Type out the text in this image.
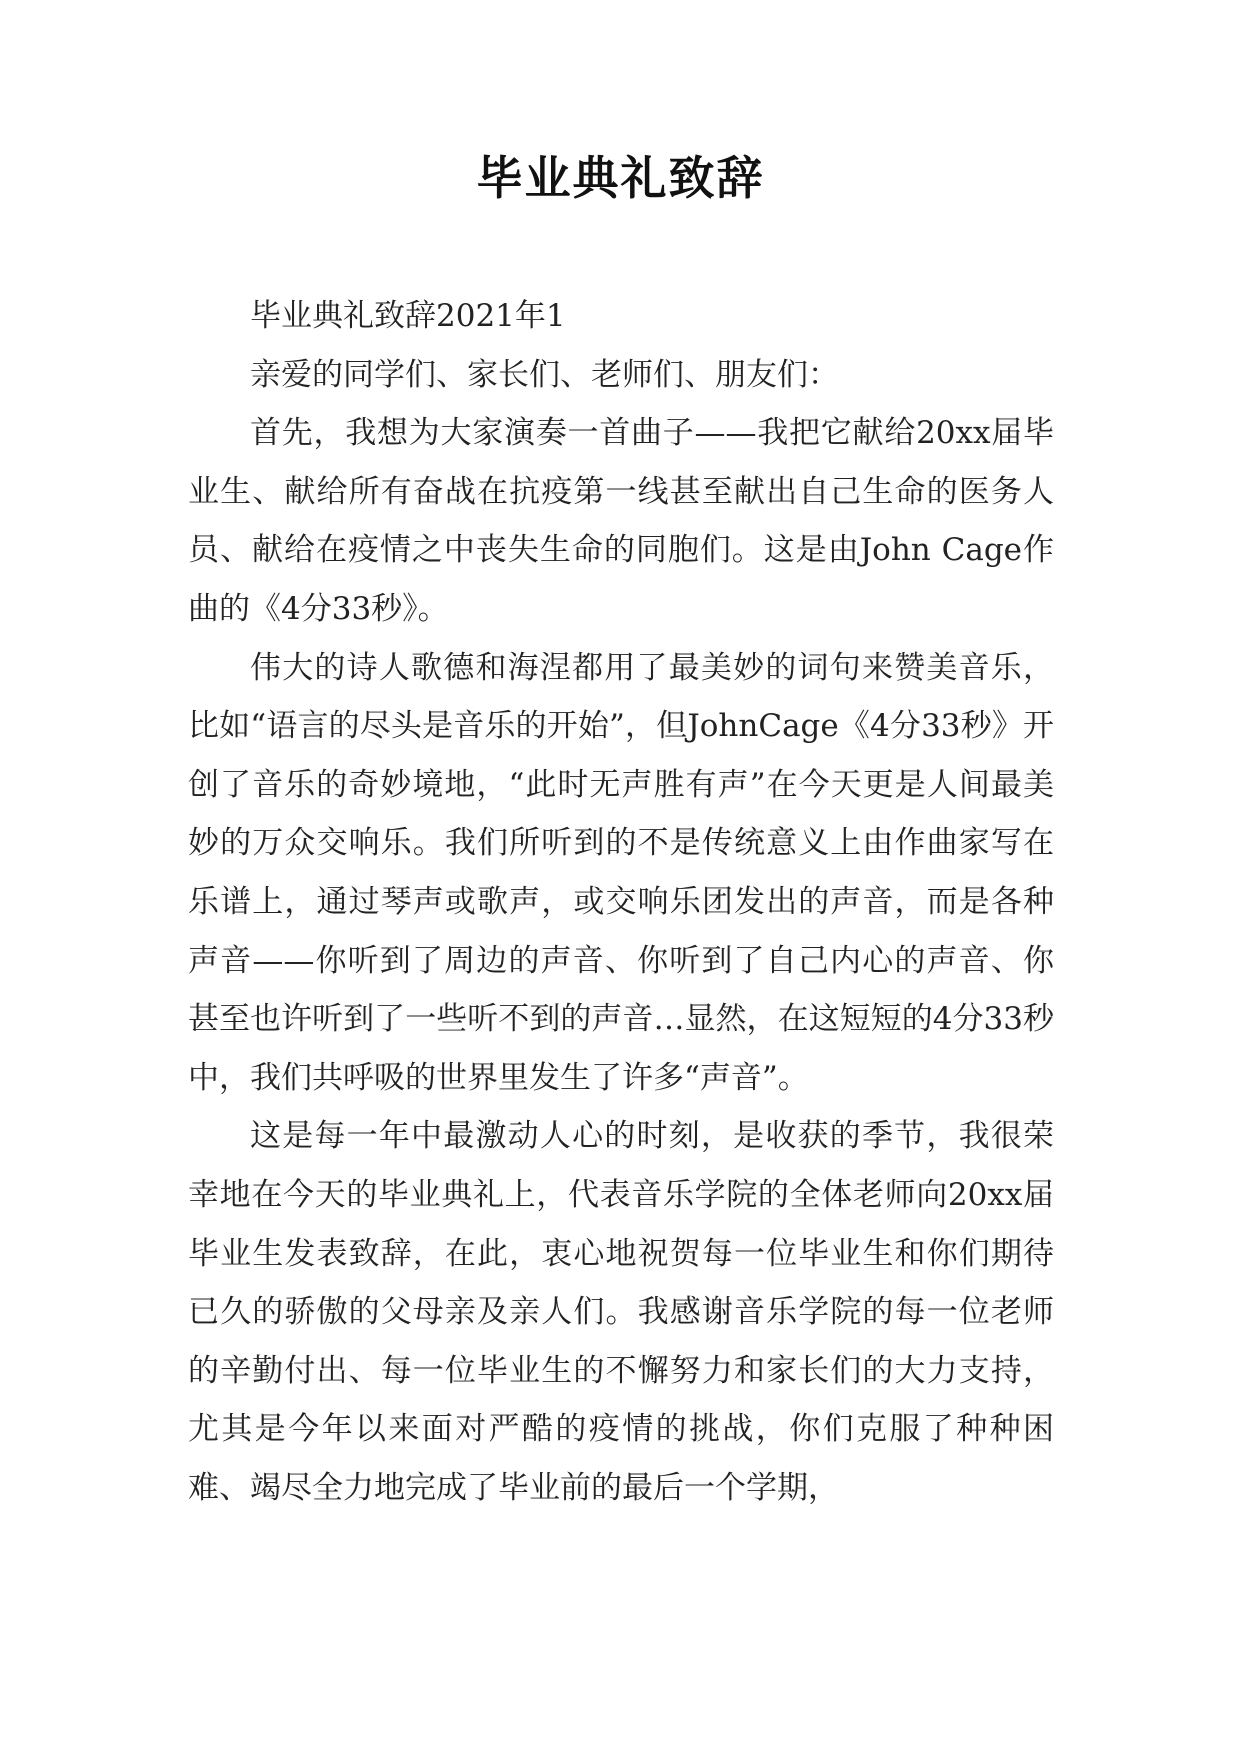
毕业典礼致辞

毕业典礼致辞2021年1

亲爱的同学们、家长们、老师们、朋友们：

首先，我想为大家演奏一首曲子——我把它献给20xx届毕业生、献给所有奋战在抗疫第一线甚至献出自己生命的医务人员、献给在疫情之中丧失生命的同胞们。这是由John Cage作曲的《4分33秒》。

伟大的诗人歌德和海涅都用了最美妙的词句来赞美音乐，比如“语言的尽头是音乐的开始”，但JohnCage《4分33秒》开创了音乐的奇妙境地，“此时无声胜有声”在今天更是人间最美妙的万众交响乐。我们所听到的不是传统意义上由作曲家写在乐谱上，通过琴声或歌声，或交响乐团发出的声音，而是各种声音——你听到了周边的声音、你听到了自己内心的声音、你甚至也许听到了一些听不到的声音…显然，在这短短的4分33秒中，我们共呼吸的世界里发生了许多“声音”。

这是每一年中最激动人心的时刻，是收获的季节，我很荣幸地在今天的毕业典礼上，代表音乐学院的全体老师向20xx届毕业生发表致辞，在此，衷心地祝贺每一位毕业生和你们期待已久的骄傲的父母亲及亲人们。我感谢音乐学院的每一位老师的辛勤付出、每一位毕业生的不懈努力和家长们的大力支持，尤其是今年以来面对严酷的疫情的挑战，你们克服了种种困难、竭尽全力地完成了毕业前的最后一个学期，
